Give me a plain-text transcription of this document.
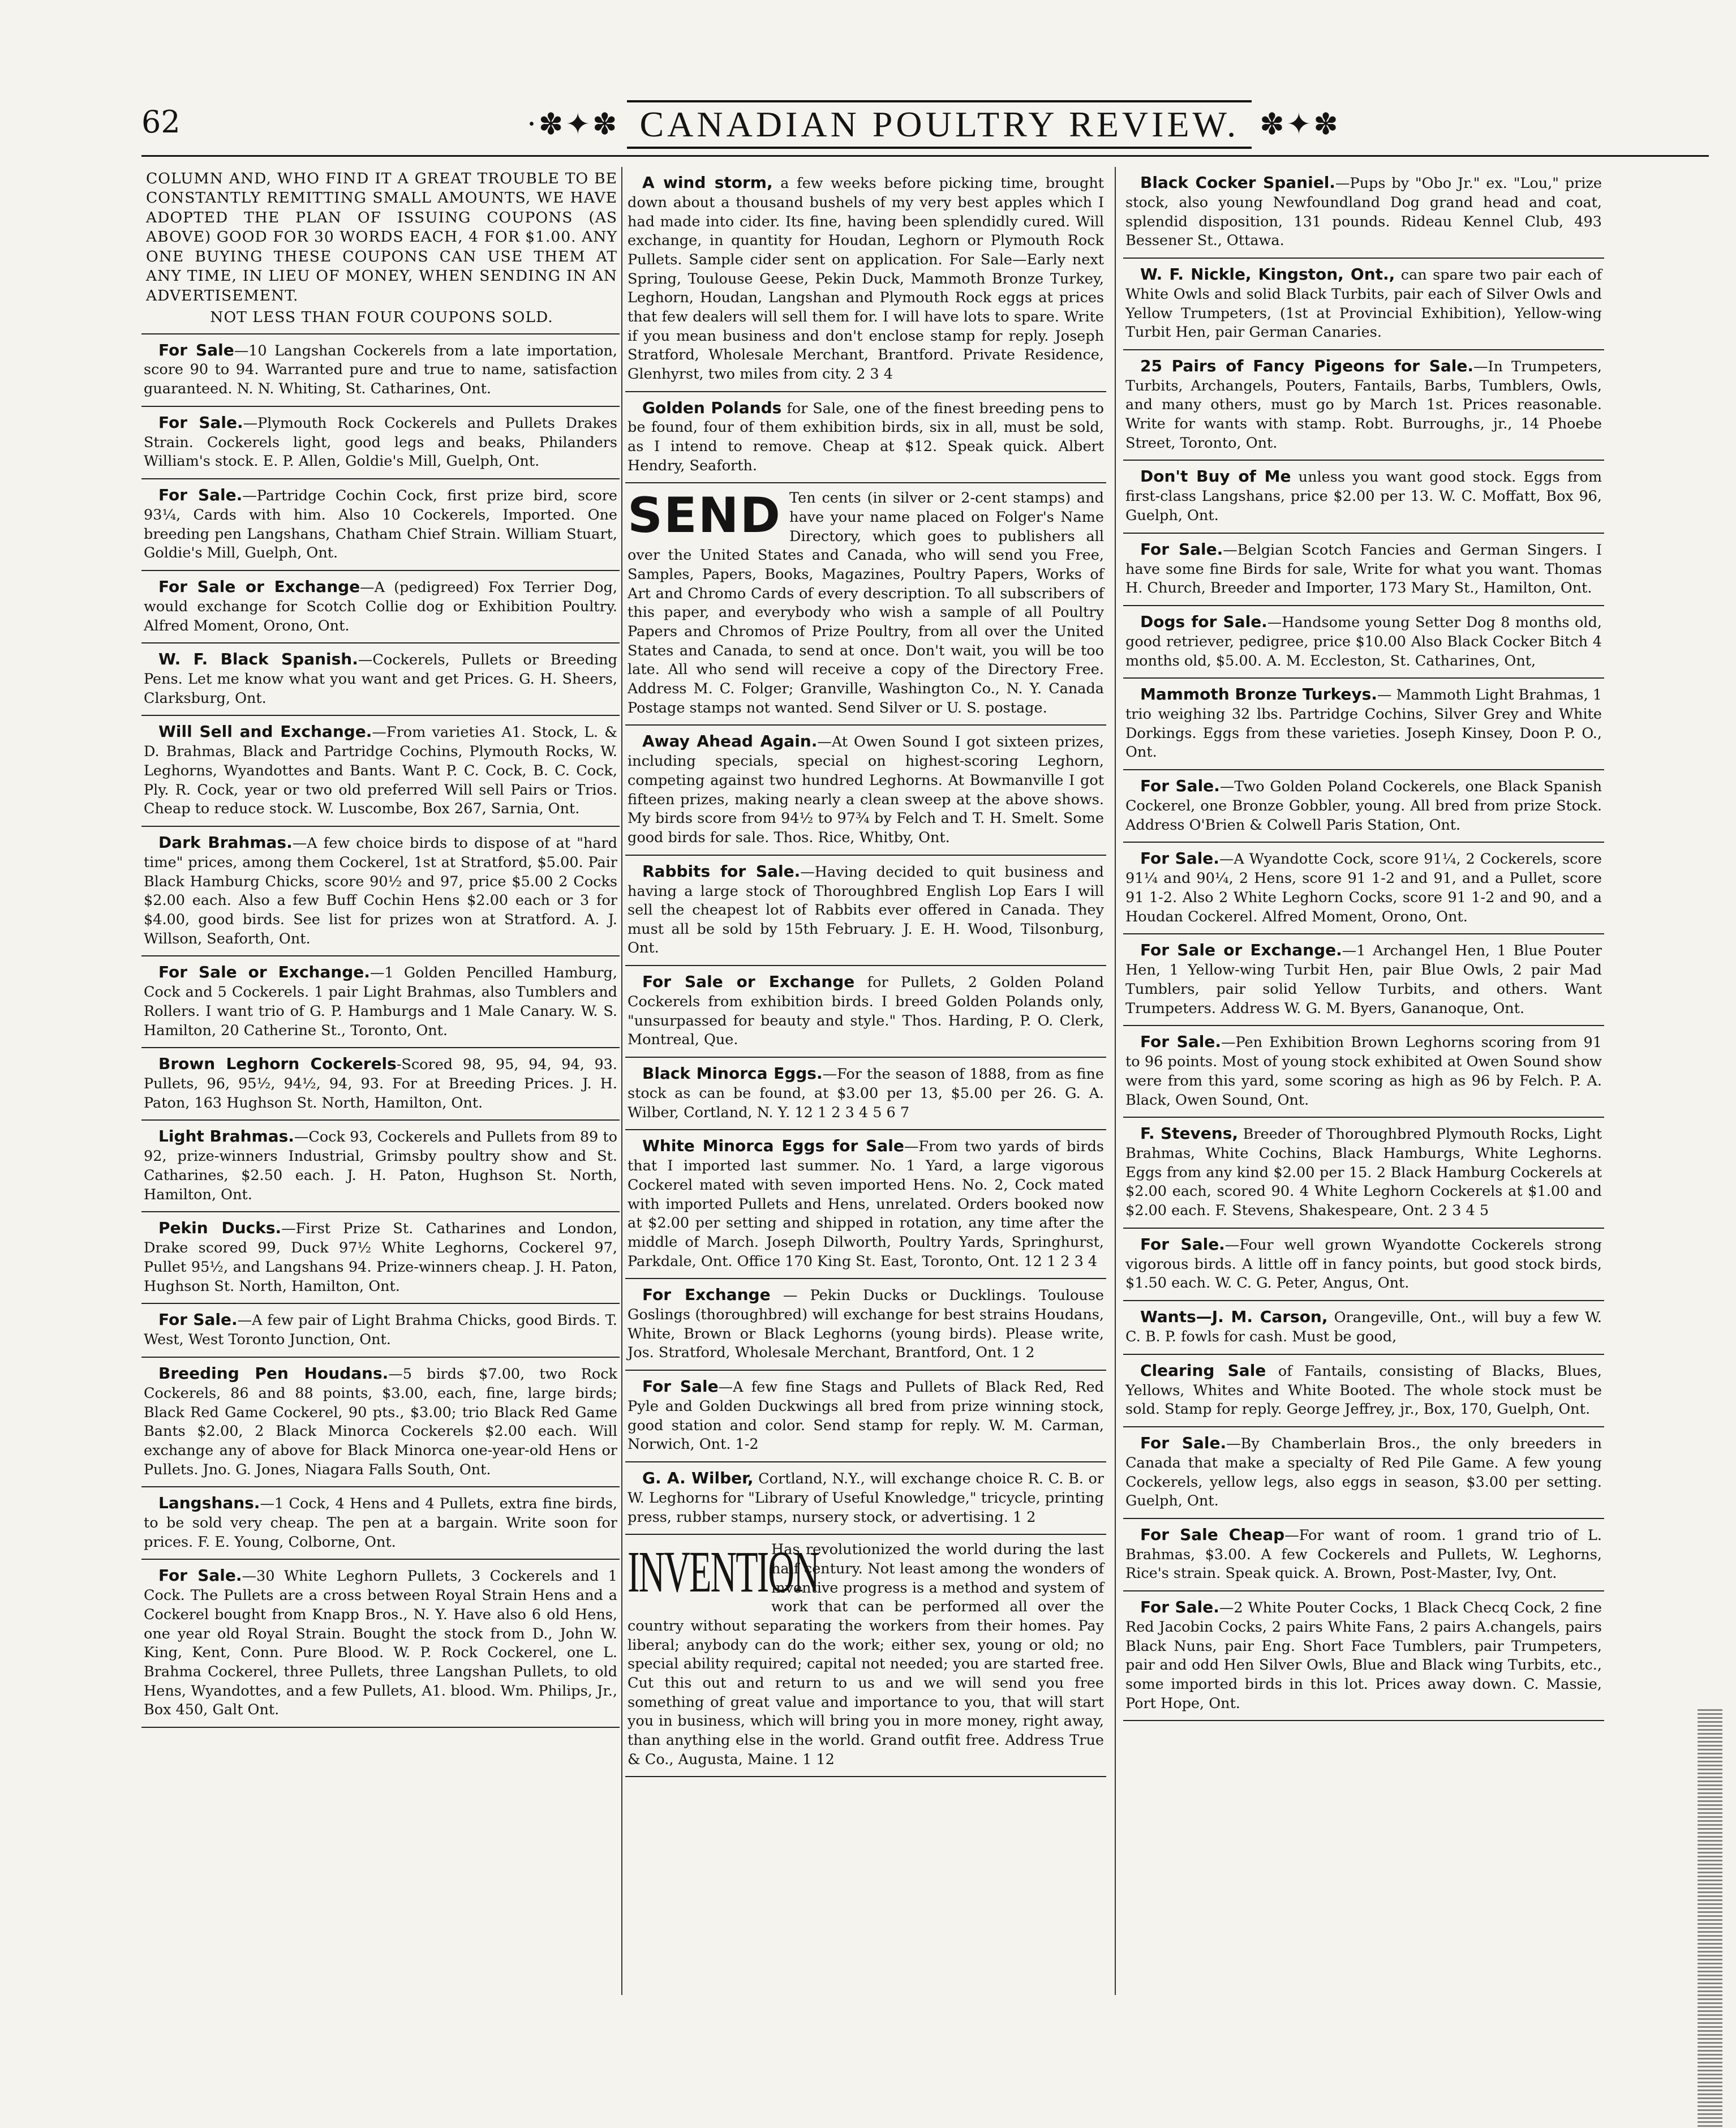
62	·✽✦✽ CANADIAN POULTRY REVIEW. ✽✦✽
COLUMN AND, WHO FIND IT A GREAT TROUBLE TO BE CONSTANTLY REMITTING SMALL AMOUNTS, WE HAVE ADOPTED THE PLAN OF ISSUING COUPONS (AS ABOVE) GOOD FOR 30 WORDS EACH, 4 FOR $1.00. ANY ONE BUYING THESE COUPONS CAN USE THEM AT ANY TIME, IN LIEU OF MONEY, WHEN SENDING IN AN ADVERTISEMENT.
NOT LESS THAN FOUR COUPONS SOLD.
For Sale—10 Langshan Cockerels from a late importation, score 90 to 94. Warranted pure and true to name, satisfaction guaranteed. N. N. Whiting, St. Catharines, Ont.
For Sale.—Plymouth Rock Cockerels and Pullets Drakes Strain. Cockerels light, good legs and beaks, Philanders William's stock. E. P. Allen, Goldie's Mill, Guelph, Ont.
For Sale.—Partridge Cochin Cock, first prize bird, score 93¼, Cards with him. Also 10 Cockerels, Imported. One breeding pen Langshans, Chatham Chief Strain. William Stuart, Goldie's Mill, Guelph, Ont.
For Sale or Exchange—A (pedigreed) Fox Terrier Dog, would exchange for Scotch Collie dog or Exhibition Poultry. Alfred Moment, Orono, Ont.
W. F. Black Spanish.—Cockerels, Pullets or Breeding Pens. Let me know what you want and get Prices. G. H. Sheers, Clarksburg, Ont.
Will Sell and Exchange.—From varieties A1. Stock, L. & D. Brahmas, Black and Partridge Cochins, Plymouth Rocks, W. Leghorns, Wyandottes and Bants. Want P. C. Cock, B. C. Cock, Ply. R. Cock, year or two old preferred Will sell Pairs or Trios. Cheap to reduce stock. W. Luscombe, Box 267, Sarnia, Ont.
Dark Brahmas.—A few choice birds to dispose of at "hard time" prices, among them Cockerel, 1st at Stratford, $5.00. Pair Black Hamburg Chicks, score 90½ and 97, price $5.00 2 Cocks $2.00 each. Also a few Buff Cochin Hens $2.00 each or 3 for $4.00, good birds. See list for prizes won at Stratford. A. J. Willson, Seaforth, Ont.
For Sale or Exchange.—1 Golden Pencilled Hamburg, Cock and 5 Cockerels. 1 pair Light Brahmas, also Tumblers and Rollers. I want trio of G. P. Hamburgs and 1 Male Canary. W. S. Hamilton, 20 Catherine St., Toronto, Ont.
Brown Leghorn Cockerels-Scored 98, 95, 94, 94, 93. Pullets, 96, 95½, 94½, 94, 93. For at Breeding Prices. J. H. Paton, 163 Hughson St. North, Hamilton, Ont.
Light Brahmas.—Cock 93, Cockerels and Pullets from 89 to 92, prize-winners Industrial, Grimsby poultry show and St. Catharines, $2.50 each. J. H. Paton, Hughson St. North, Hamilton, Ont.
Pekin Ducks.—First Prize St. Catharines and London, Drake scored 99, Duck 97½ White Leghorns, Cockerel 97, Pullet 95½, and Langshans 94. Prize-winners cheap. J. H. Paton, Hughson St. North, Hamilton, Ont.
For Sale.—A few pair of Light Brahma Chicks, good Birds. T. West, West Toronto Junction, Ont.
Breeding Pen Houdans.—5 birds $7.00, two Rock Cockerels, 86 and 88 points, $3.00, each, fine, large birds; Black Red Game Cockerel, 90 pts., $3.00; trio Black Red Game Bants $2.00, 2 Black Minorca Cockerels $2.00 each. Will exchange any of above for Black Minorca one-year-old Hens or Pullets. Jno. G. Jones, Niagara Falls South, Ont.
Langshans.—1 Cock, 4 Hens and 4 Pullets, extra fine birds, to be sold very cheap. The pen at a bargain. Write soon for prices. F. E. Young, Colborne, Ont.
For Sale.—30 White Leghorn Pullets, 3 Cockerels and 1 Cock. The Pullets are a cross between Royal Strain Hens and a Cockerel bought from Knapp Bros., N. Y. Have also 6 old Hens, one year old Royal Strain. Bought the stock from D., John W. King, Kent, Conn. Pure Blood. W. P. Rock Cockerel, one L. Brahma Cockerel, three Pullets, three Langshan Pullets, to old Hens, Wyandottes, and a few Pullets, A1. blood. Wm. Philips, Jr., Box 450, Galt Ont.
A wind storm, a few weeks before picking time, brought down about a thousand bushels of my very best apples which I had made into cider. Its fine, having been splendidly cured. Will exchange, in quantity for Houdan, Leghorn or Plymouth Rock Pullets. Sample cider sent on application. For Sale—Early next Spring, Toulouse Geese, Pekin Duck, Mammoth Bronze Turkey, Leghorn, Houdan, Langshan and Plymouth Rock eggs at prices that few dealers will sell them for. I will have lots to spare. Write if you mean business and don't enclose stamp for reply. Joseph Stratford, Wholesale Merchant, Brantford. Private Residence, Glenhyrst, two miles from city. 2 3 4
Golden Polands for Sale, one of the finest breeding pens to be found, four of them exhibition birds, six in all, must be sold, as I intend to remove. Cheap at $12. Speak quick. Albert Hendry, Seaforth.
SEND Ten cents (in silver or 2-cent stamps) and have your name placed on Folger's Name Directory, which goes to publishers all over the United States and Canada, who will send you Free, Samples, Papers, Books, Magazines, Poultry Papers, Works of Art and Chromo Cards of every description. To all subscribers of this paper, and everybody who wish a sample of all Poultry Papers and Chromos of Prize Poultry, from all over the United States and Canada, to send at once. Don't wait, you will be too late. All who send will receive a copy of the Directory Free. Address M. C. Folger; Granville, Washington Co., N. Y. Canada Postage stamps not wanted. Send Silver or U. S. postage.
Away Ahead Again.—At Owen Sound I got sixteen prizes, including specials, special on highest-scoring Leghorn, competing against two hundred Leghorns. At Bowmanville I got fifteen prizes, making nearly a clean sweep at the above shows. My birds score from 94½ to 97¾ by Felch and T. H. Smelt. Some good birds for sale. Thos. Rice, Whitby, Ont.
Rabbits for Sale.—Having decided to quit business and having a large stock of Thoroughbred English Lop Ears I will sell the cheapest lot of Rabbits ever offered in Canada. They must all be sold by 15th February. J. E. H. Wood, Tilsonburg, Ont.
For Sale or Exchange for Pullets, 2 Golden Poland Cockerels from exhibition birds. I breed Golden Polands only, "unsurpassed for beauty and style." Thos. Harding, P. O. Clerk, Montreal, Que.
Black Minorca Eggs.—For the season of 1888, from as fine stock as can be found, at $3.00 per 13, $5.00 per 26. G. A. Wilber, Cortland, N. Y. 12 1 2 3 4 5 6 7
White Minorca Eggs for Sale—From two yards of birds that I imported last summer. No. 1 Yard, a large vigorous Cockerel mated with seven imported Hens. No. 2, Cock mated with imported Pullets and Hens, unrelated. Orders booked now at $2.00 per setting and shipped in rotation, any time after the middle of March. Joseph Dilworth, Poultry Yards, Springhurst, Parkdale, Ont. Office 170 King St. East, Toronto, Ont. 12 1 2 3 4
For Exchange — Pekin Ducks or Ducklings. Toulouse Goslings (thoroughbred) will exchange for best strains Houdans, White, Brown or Black Leghorns (young birds). Please write, Jos. Stratford, Wholesale Merchant, Brantford, Ont. 1 2
For Sale—A few fine Stags and Pullets of Black Red, Red Pyle and Golden Duckwings all bred from prize winning stock, good station and color. Send stamp for reply. W. M. Carman, Norwich, Ont. 1-2
G. A. Wilber, Cortland, N.Y., will exchange choice R. C. B. or W. Leghorns for "Library of Useful Knowledge," tricycle, printing press, rubber stamps, nursery stock, or advertising. 1 2
INVENTION
Has revolutionized the world during the last half century. Not least among the wonders of inventive progress is a method and system of work that can be performed all over the country without separating the workers from their homes. Pay liberal; anybody can do the work; either sex, young or old; no special ability required; capital not needed; you are started free. Cut this out and return to us and we will send you free something of great value and importance to you, that will start you in business, which will bring you in more money, right away, than anything else in the world. Grand outfit free. Address True & Co., Augusta, Maine. 1 12
Black Cocker Spaniel.—Pups by "Obo Jr." ex. "Lou," prize stock, also young Newfoundland Dog grand head and coat, splendid disposition, 131 pounds. Rideau Kennel Club, 493 Bessener St., Ottawa.
W. F. Nickle, Kingston, Ont., can spare two pair each of White Owls and solid Black Turbits, pair each of Silver Owls and Yellow Trumpeters, (1st at Provincial Exhibition), Yellow-wing Turbit Hen, pair German Canaries.
25 Pairs of Fancy Pigeons for Sale.—In Trumpeters, Turbits, Archangels, Pouters, Fantails, Barbs, Tumblers, Owls, and many others, must go by March 1st. Prices reasonable. Write for wants with stamp. Robt. Burroughs, jr., 14 Phoebe Street, Toronto, Ont.
Don't Buy of Me unless you want good stock. Eggs from first-class Langshans, price $2.00 per 13. W. C. Moffatt, Box 96, Guelph, Ont.
For Sale.—Belgian Scotch Fancies and German Singers. I have some fine Birds for sale, Write for what you want. Thomas H. Church, Breeder and Importer, 173 Mary St., Hamilton, Ont.
Dogs for Sale.—Handsome young Setter Dog 8 months old, good retriever, pedigree, price $10.00 Also Black Cocker Bitch 4 months old, $5.00. A. M. Eccleston, St. Catharines, Ont,
Mammoth Bronze Turkeys.— Mammoth Light Brahmas, 1 trio weighing 32 lbs. Partridge Cochins, Silver Grey and White Dorkings. Eggs from these varieties. Joseph Kinsey, Doon P. O., Ont.
For Sale.—Two Golden Poland Cockerels, one Black Spanish Cockerel, one Bronze Gobbler, young. All bred from prize Stock. Address O'Brien & Colwell Paris Station, Ont.
For Sale.—A Wyandotte Cock, score 91¼, 2 Cockerels, score 91¼ and 90¼, 2 Hens, score 91 1-2 and 91, and a Pullet, score 91 1-2. Also 2 White Leghorn Cocks, score 91 1-2 and 90, and a Houdan Cockerel. Alfred Moment, Orono, Ont.
For Sale or Exchange.—1 Archangel Hen, 1 Blue Pouter Hen, 1 Yellow-wing Turbit Hen, pair Blue Owls, 2 pair Mad Tumblers, pair solid Yellow Turbits, and others. Want Trumpeters. Address W. G. M. Byers, Gananoque, Ont.
For Sale.—Pen Exhibition Brown Leghorns scoring from 91 to 96 points. Most of young stock exhibited at Owen Sound show were from this yard, some scoring as high as 96 by Felch. P. A. Black, Owen Sound, Ont.
F. Stevens, Breeder of Thoroughbred Plymouth Rocks, Light Brahmas, White Cochins, Black Hamburgs, White Leghorns. Eggs from any kind $2.00 per 15. 2 Black Hamburg Cockerels at $2.00 each, scored 90. 4 White Leghorn Cockerels at $1.00 and $2.00 each. F. Stevens, Shakespeare, Ont. 2 3 4 5
For Sale.—Four well grown Wyandotte Cockerels strong vigorous birds. A little off in fancy points, but good stock birds, $1.50 each. W. C. G. Peter, Angus, Ont.
Wants—J. M. Carson, Orangeville, Ont., will buy a few W. C. B. P. fowls for cash. Must be good,
Clearing Sale of Fantails, consisting of Blacks, Blues, Yellows, Whites and White Booted. The whole stock must be sold. Stamp for reply. George Jeffrey, jr., Box, 170, Guelph, Ont.
For Sale.—By Chamberlain Bros., the only breeders in Canada that make a specialty of Red Pile Game. A few young Cockerels, yellow legs, also eggs in season, $3.00 per setting. Guelph, Ont.
For Sale Cheap—For want of room. 1 grand trio of L. Brahmas, $3.00. A few Cockerels and Pullets, W. Leghorns, Rice's strain. Speak quick. A. Brown, Post-Master, Ivy, Ont.
For Sale.—2 White Pouter Cocks, 1 Black Checq Cock, 2 fine Red Jacobin Cocks, 2 pairs White Fans, 2 pairs A.changels, pairs Black Nuns, pair Eng. Short Face Tumblers, pair Trumpeters, pair and odd Hen Silver Owls, Blue and Black wing Turbits, etc., some imported birds in this lot. Prices away down. C. Massie, Port Hope, Ont.
